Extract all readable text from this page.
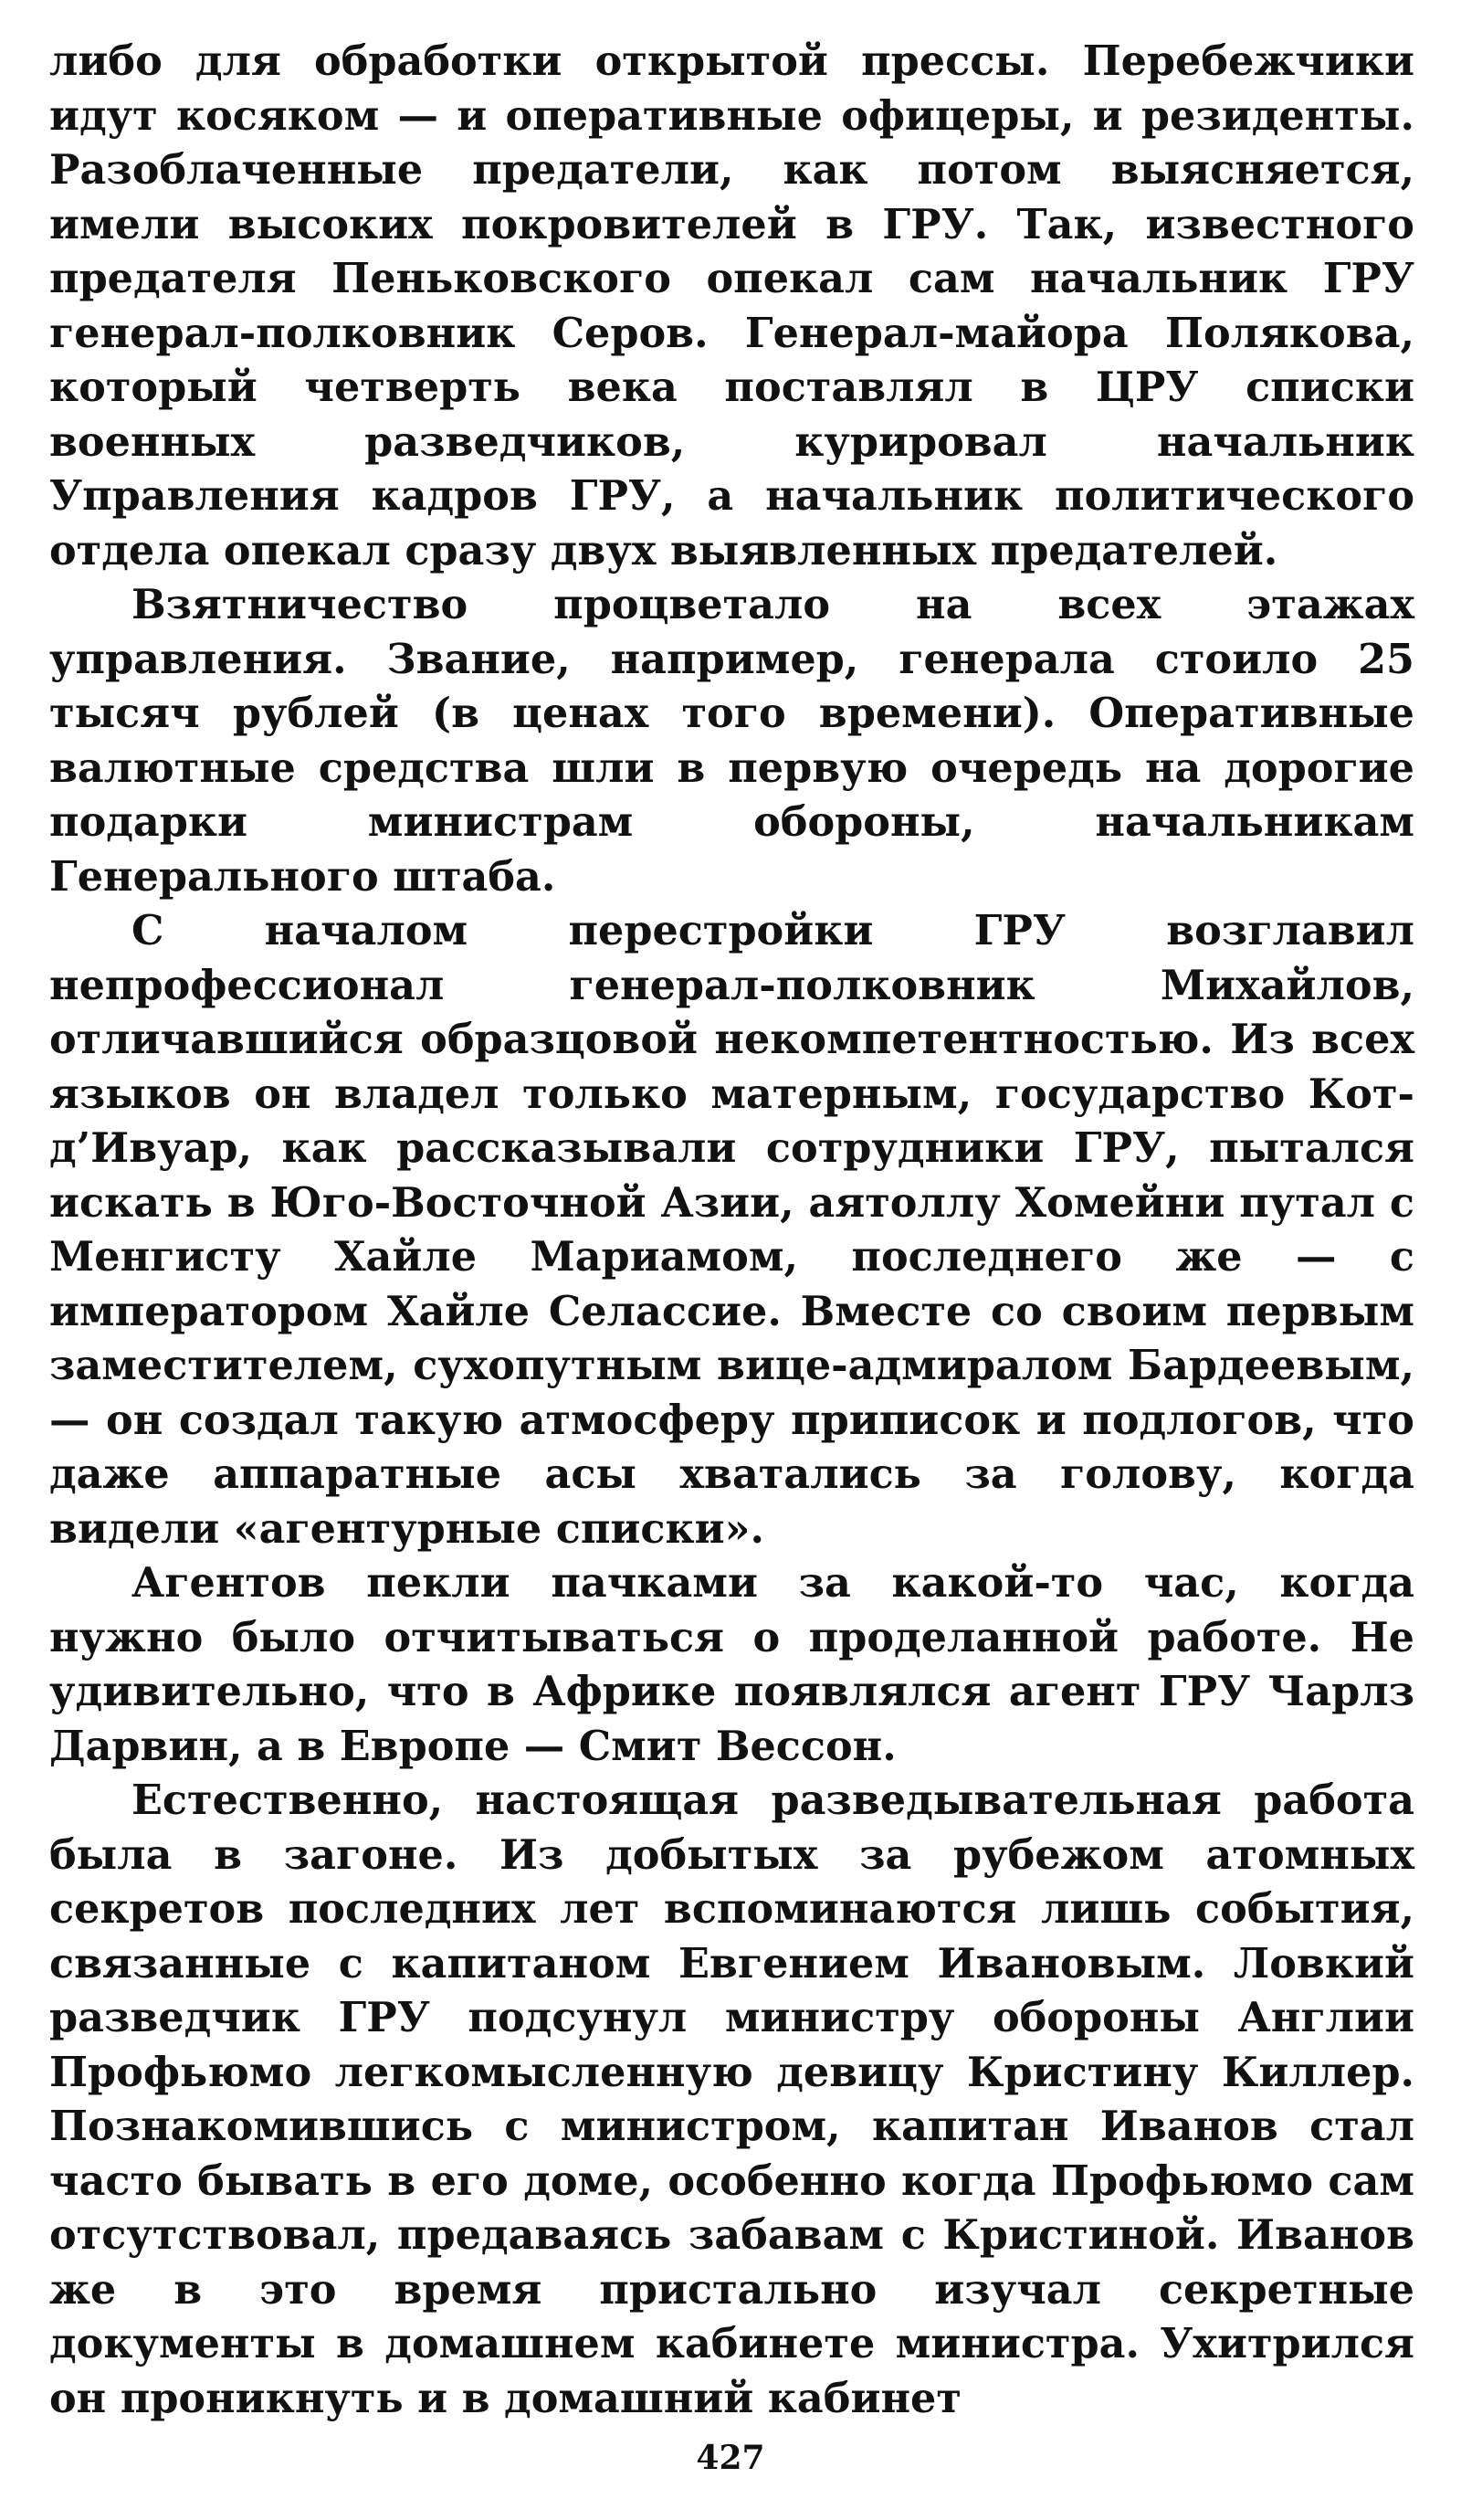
либо для обработки открытой прессы. Перебежчики идут косяком — и оперативные офицеры, и резиденты. Разоблаченные предатели, как потом выясняется, имели высоких покровителей в ГРУ. Так, известного предателя Пеньковского опекал сам начальник ГРУ генерал-полковник Серов. Генерал-майора Полякова, который четверть века поставлял в ЦРУ списки военных разведчиков, курировал начальник Управления кадров ГРУ, а начальник политического отдела опекал сразу двух выявленных предателей.

Взятничество процветало на всех этажах управления. Звание, например, генерала стоило 25 тысяч рублей (в ценах того времени). Оперативные валютные средства шли в первую очередь на дорогие подарки министрам обороны, начальникам Генерального штаба.

С началом перестройки ГРУ возглавил непрофессионал генерал-полковник Михайлов, отличавшийся образцовой некомпетентностью. Из всех языков он владел только матерным, государство Кот-д’Ивуар, как рассказывали сотрудники ГРУ, пытался искать в Юго-Восточной Азии, аятоллу Хомейни путал с Менгисту Хайле Мариамом, последнего же — с императором Хайле Селассие. Вместе со своим первым заместителем, сухопутным вице-адмиралом Бардеевым,— он создал такую атмосферу приписок и подлогов, что даже аппаратные асы хватались за голову, когда видели «агентурные списки».

Агентов пекли пачками за какой-то час, когда нужно было отчитываться о проделанной работе. Не удивительно, что в Африке появлялся агент ГРУ Чарлз Дарвин, а в Европе — Смит Вессон.

Естественно, настоящая разведывательная работа была в загоне. Из добытых за рубежом атомных секретов последних лет вспоминаются лишь события, связанные с капитаном Евгением Ивановым. Ловкий разведчик ГРУ подсунул министру обороны Англии Профьюмо легкомысленную девицу Кристину Киллер. Познакомившись с министром, капитан Иванов стал часто бывать в его доме, особенно когда Профьюмо сам отсутствовал, предаваясь забавам с Кристиной. Иванов же в это время пристально изучал секретные документы в домашнем кабинете министра. Ухитрился он проникнуть и в домашний кабинет

427
